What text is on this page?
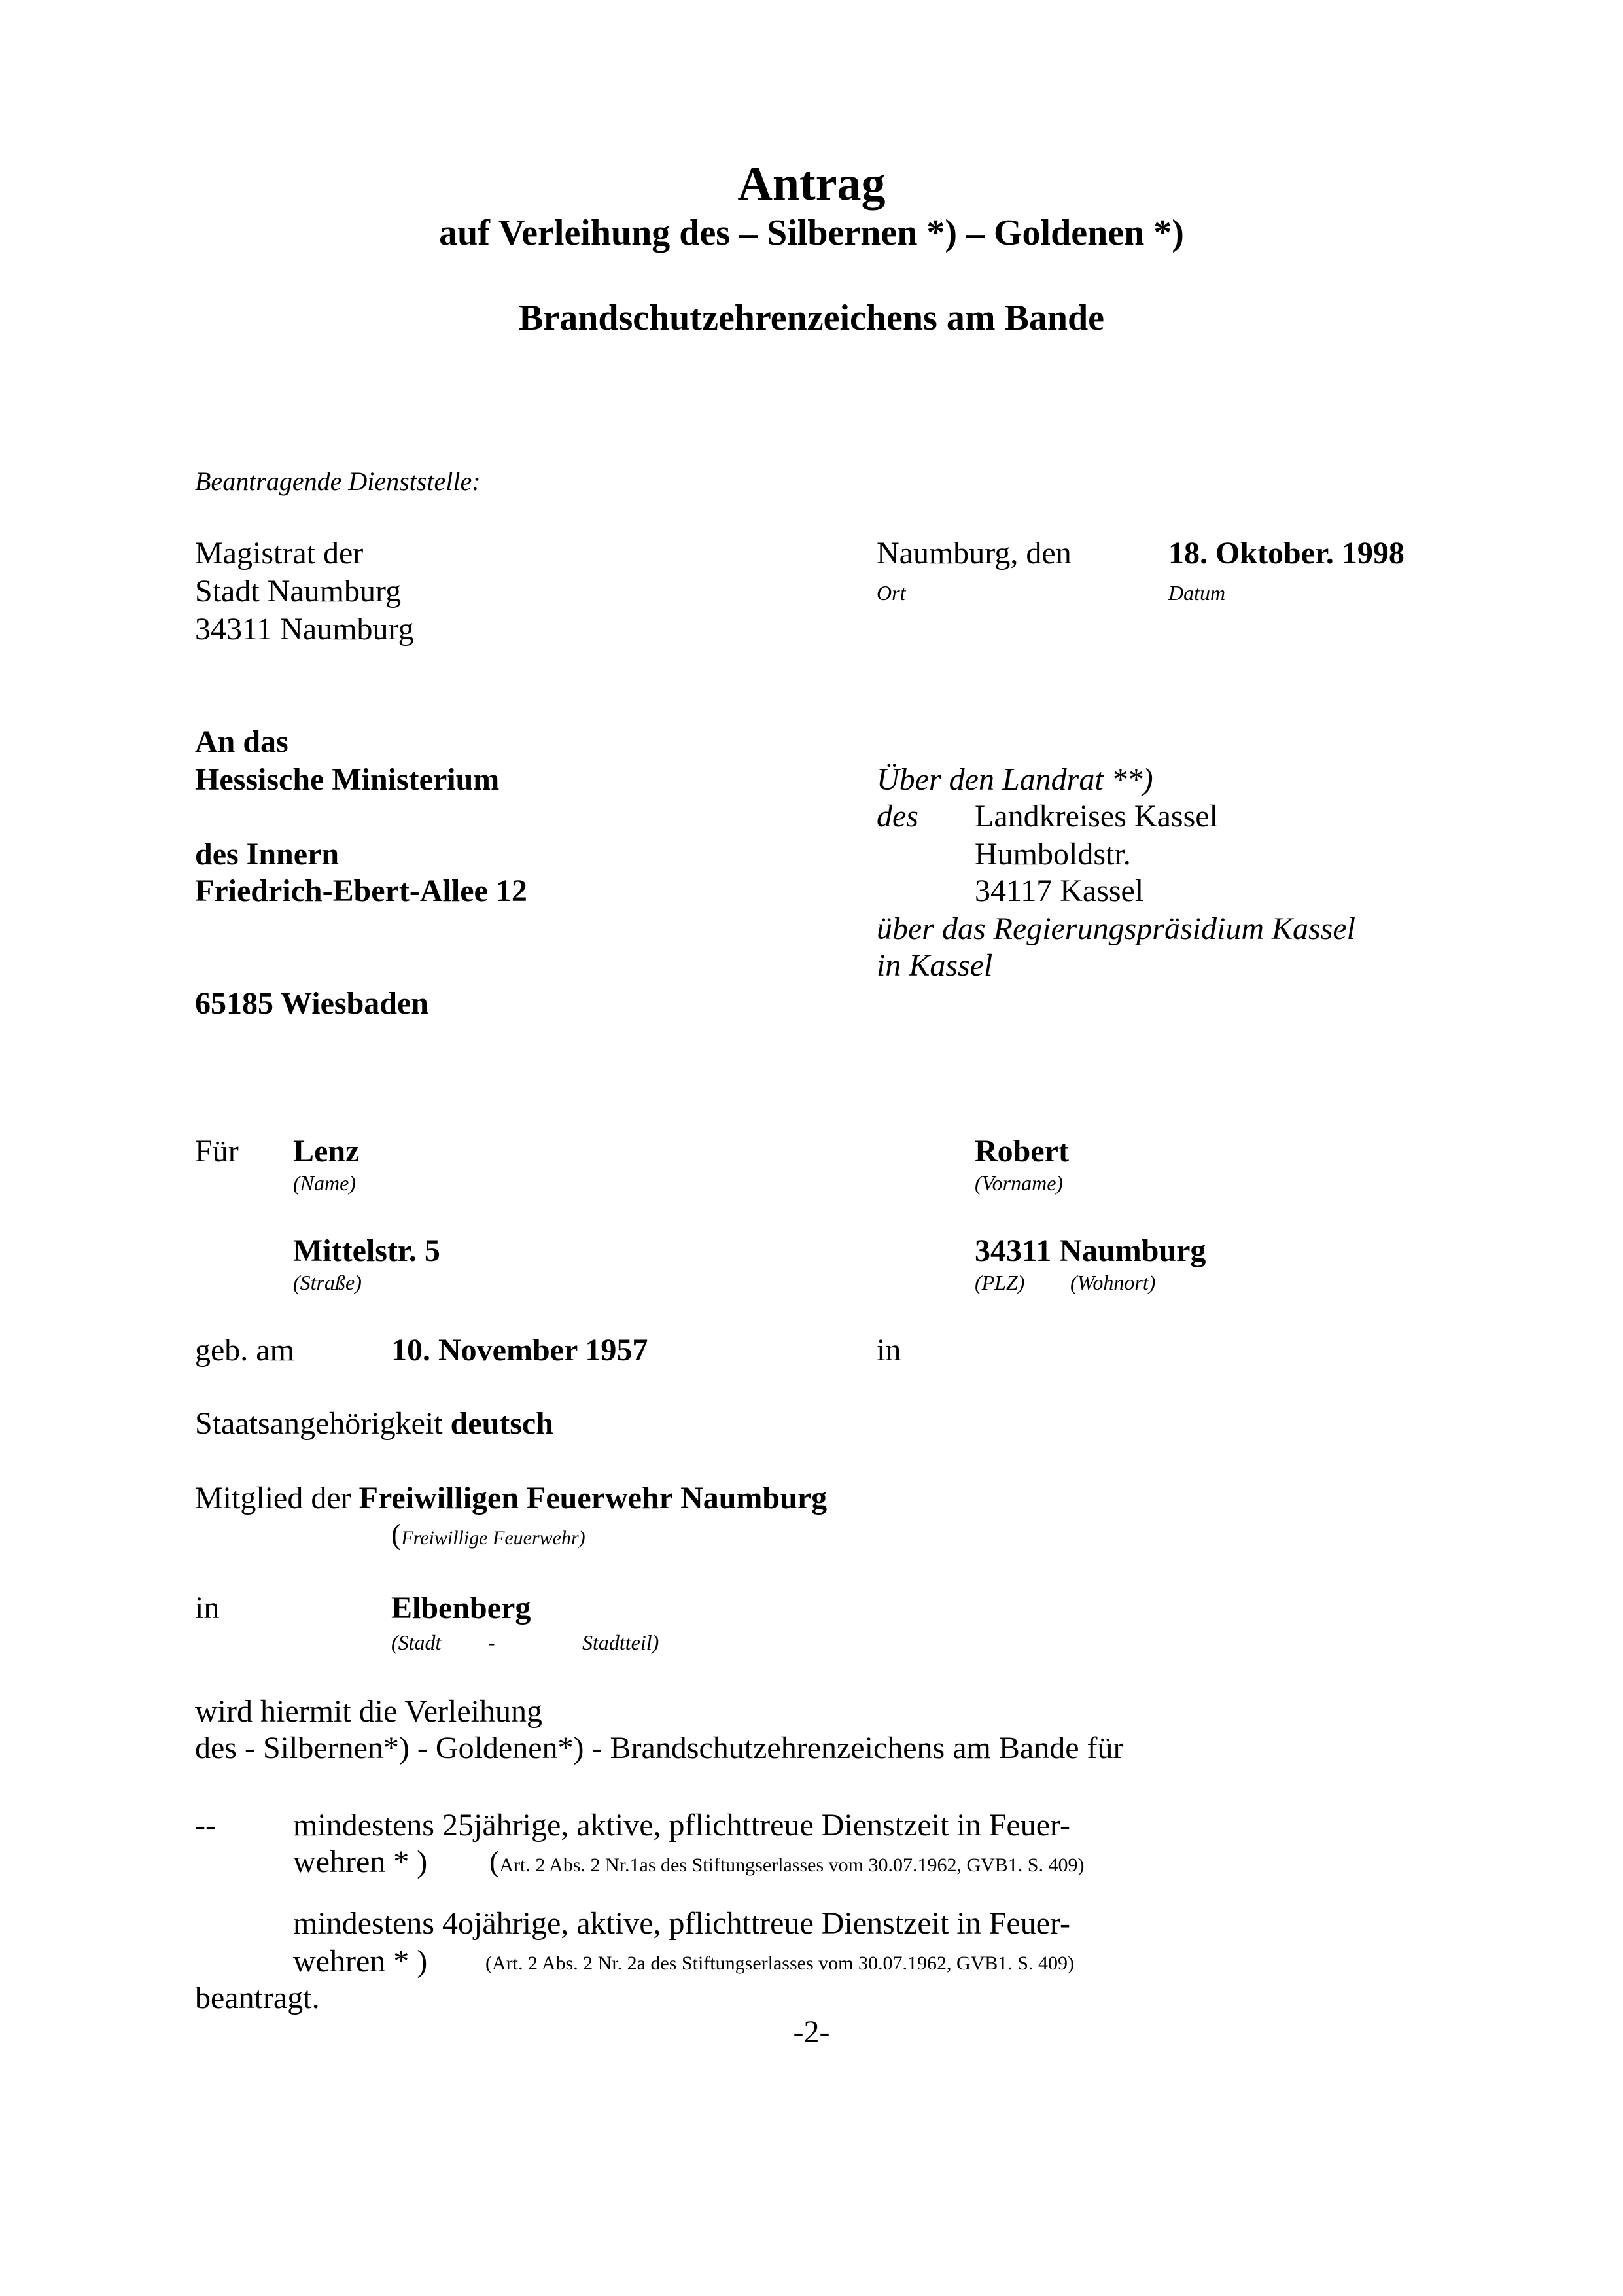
Antrag
auf Verleihung des – Silbernen *) – Goldenen *)
Brandschutzehrenzeichens am Bande
Beantragende Dienststelle:
Magistrat der
Stadt Naumburg
34311 Naumburg
Naumburg, den	18. Oktober. 1998
Ort	Datum
An das
Hessische Ministerium
des Innern
Friedrich-Ebert-Allee 12
65185 Wiesbaden
Über den Landrat **)
des Landkreises Kassel
Humboldstr.
34117 Kassel
über das Regierungspräsidium Kassel
in Kassel
Für Lenz
(Name)
Robert
(Vorname)
Mittelstr. 5
(Straße)
34311 Naumburg
(PLZ) (Wohnort)
geb. am	10. November 1957	in
Staatsangehörigkeit deutsch
Mitglied der Freiwilligen Feuerwehr Naumburg
(Freiwillige Feuerwehr)
in	Elbenberg
(Stadt -	Stadtteil)
wird hiermit die Verleihung
des - Silbernen*) - Goldenen*) - Brandschutzehrenzeichens am Bande für
-- mindestens 25jährige, aktive, pflichttreue Dienstzeit in Feuer-
wehren * ) (Art. 2 Abs. 2 Nr.1as des Stiftungserlasses vom 30.07.1962, GVB1. S. 409)
mindestens 4ojährige, aktive, pflichttreue Dienstzeit in Feuer-
wehren * )	(Art. 2 Abs. 2 Nr. 2a des Stiftungserlasses vom 30.07.1962, GVB1. S. 409)
beantragt.
-2-
